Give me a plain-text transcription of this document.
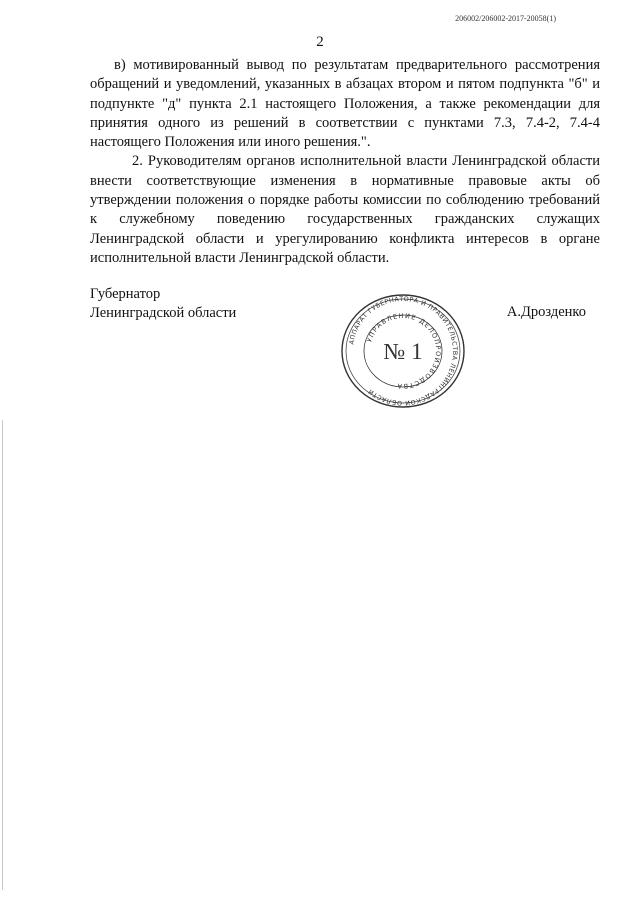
206002/206002-2017-20058(1)
2

в) мотивированный вывод по результатам предварительного рассмотрения обращений и уведомлений, указанных в абзацах втором и пятом подпункта "б" и подпункте "д" пункта 2.1 настоящего Положения, а также рекомендации для принятия одного из решений в соответствии с пунктами 7.3, 7.4-2, 7.4-4 настоящего Положения или иного решения.".

2. Руководителям органов исполнительной власти Ленинградской области внести соответствующие изменения в нормативные правовые акты об утверждении положения о порядке работы комиссии по соблюдению требований к служебному поведению государственных гражданских служащих Ленинградской области и урегулированию конфликта интересов в органе исполнительной власти Ленинградской области.

Губернатор
Ленинградской области	А.Дрозденко
АППАРАТ ГУБЕРНАТОРА И ПРАВИТЕЛЬСТВА ЛЕНИНГРАДСКОЙ ОБЛАСТИ
УПРАВЛЕНИЕ ДЕЛОПРОИЗВОДСТВА
№ 1
